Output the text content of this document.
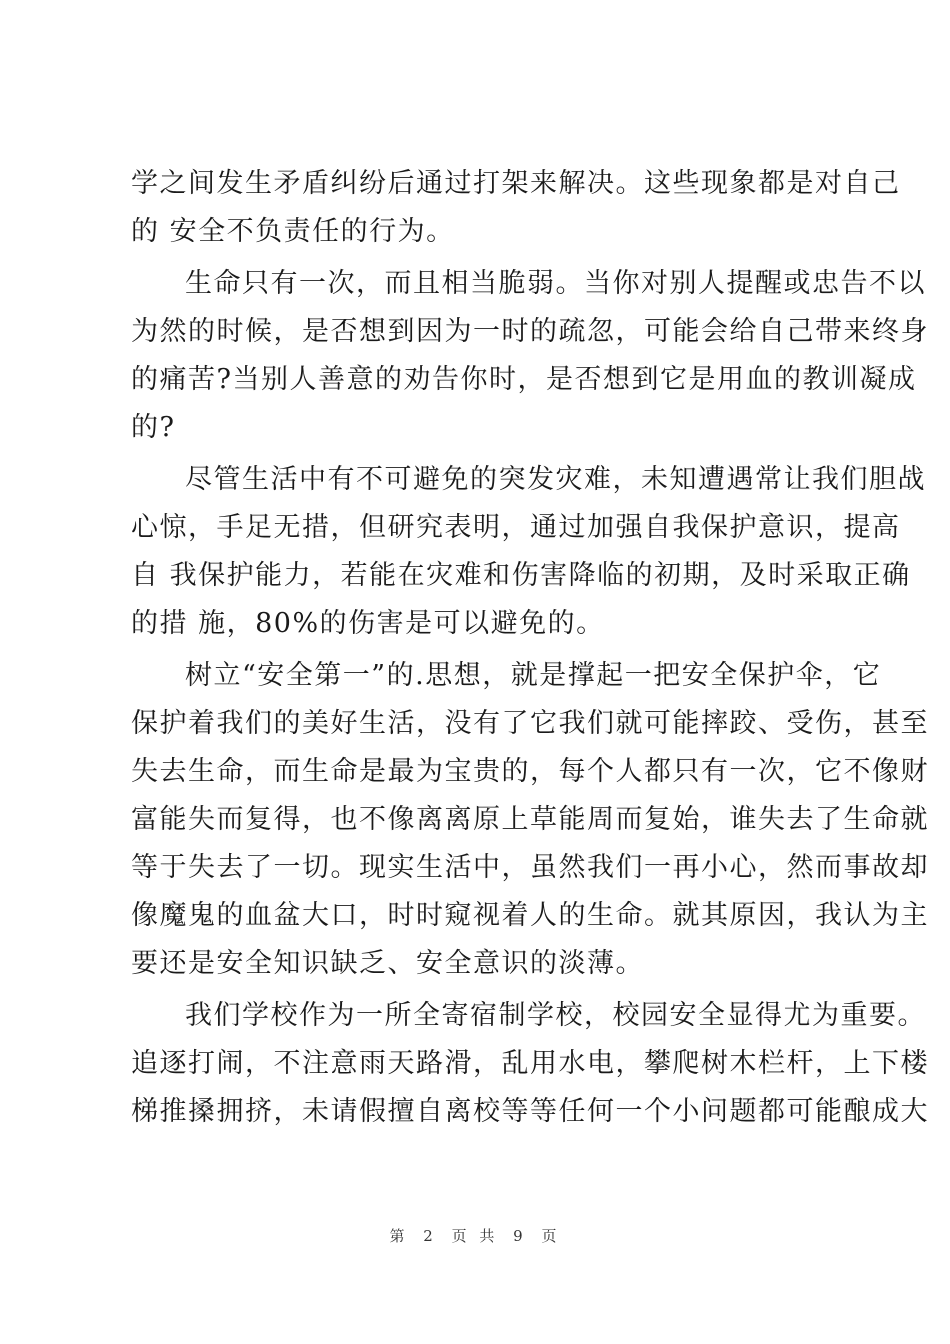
学之间发生矛盾纠纷后通过打架来解决。这些现象都是对自己
的 安全不负责任的行为。
生命只有一次，而且相当脆弱。当你对别人提醒或忠告不以
为然的时候，是否想到因为一时的疏忽，可能会给自己带来终身
的痛苦?当别人善意的劝告你时，是否想到它是用血的教训凝成
的?
尽管生活中有不可避免的突发灾难，未知遭遇常让我们胆战
心惊，手足无措，但研究表明，通过加强自我保护意识，提高
自 我保护能力，若能在灾难和伤害降临的初期，及时采取正确
的措 施，80%的伤害是可以避免的。
树立“安全第一”的.思想，就是撑起一把安全保护伞，它
保护着我们的美好生活，没有了它我们就可能摔跤、受伤，甚至
失去生命，而生命是最为宝贵的，每个人都只有一次，它不像财
富能失而复得，也不像离离原上草能周而复始，谁失去了生命就
等于失去了一切。现实生活中，虽然我们一再小心，然而事故却
像魔鬼的血盆大口，时时窥视着人的生命。就其原因，我认为主
要还是安全知识缺乏、安全意识的淡薄。
我们学校作为一所全寄宿制学校，校园安全显得尤为重要。
追逐打闹，不注意雨天路滑，乱用水电，攀爬树木栏杆，上下楼
梯推搡拥挤，未请假擅自离校等等任何一个小问题都可能酿成大
第 2 页 共 9 页
